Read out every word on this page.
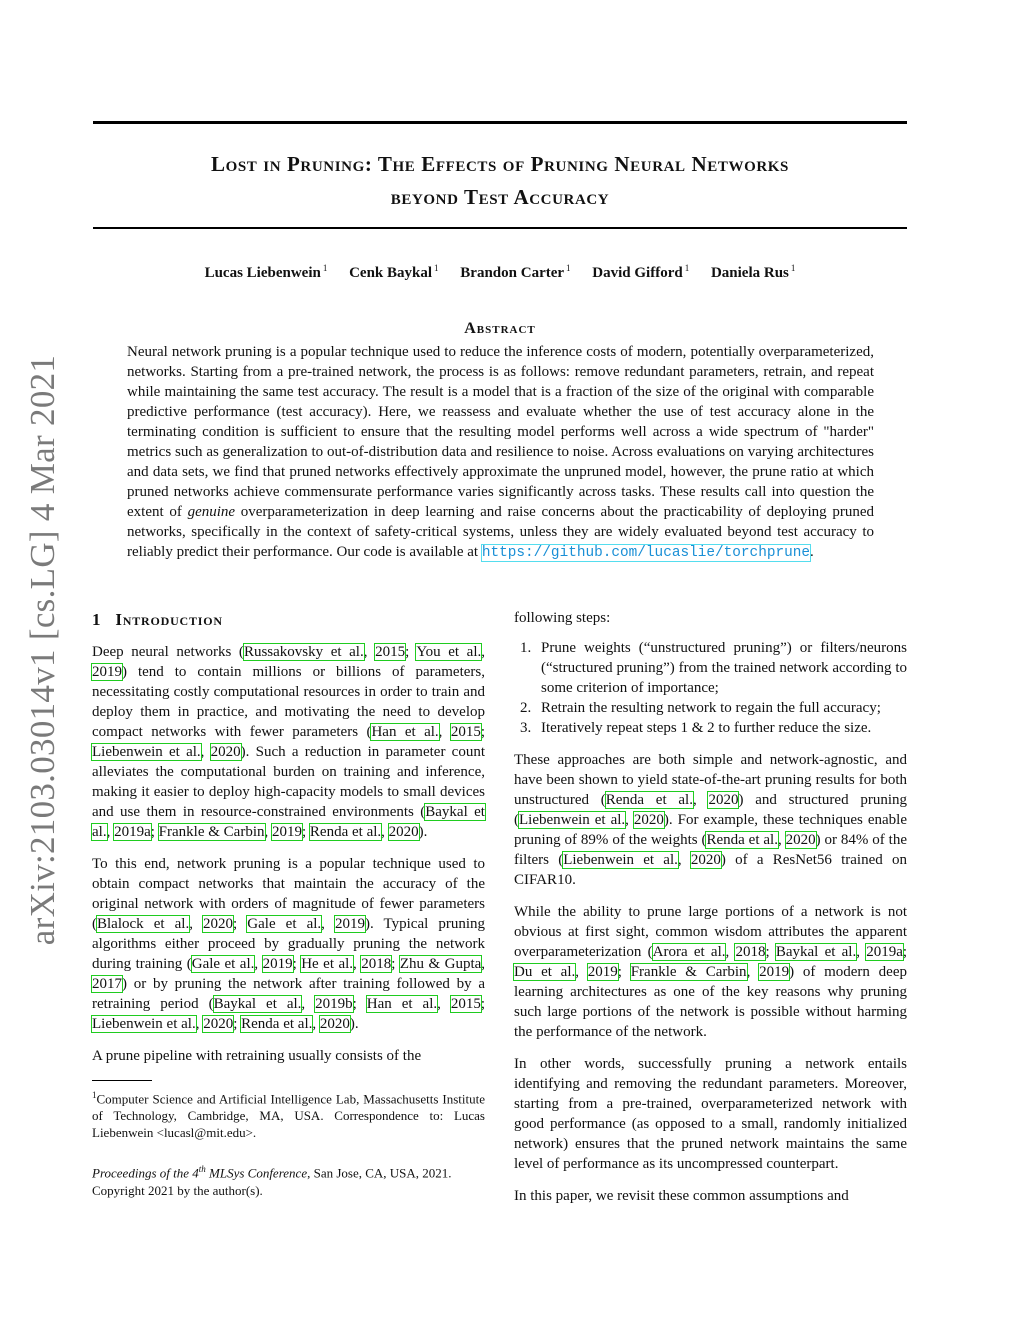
arXiv:2103.03014v1 [cs.LG] 4 Mar 2021
Lost in Pruning: The Effects of Pruning Neural Networks
beyond Test Accuracy
Lucas Liebenwein $^1$ Cenk Baykal $^1$ Brandon Carter $^1$ David Gifford $^1$ Daniela Rus $^1$
Abstract
Neural network pruning is a popular technique used to reduce the inference costs of modern, potentially overparameterized, networks. Starting from a pre-trained network, the process is as follows: remove redundant parameters, retrain, and repeat while maintaining the same test accuracy. The result is a model that is a fraction of the size of the original with comparable predictive performance (test accuracy). Here, we reassess and evaluate whether the use of test accuracy alone in the terminating condition is sufficient to ensure that the resulting model performs well across a wide spectrum of "harder" metrics such as generalization to out-of-distribution data and resilience to noise. Across evaluations on varying architectures and data sets, we find that pruned networks effectively approximate the unpruned model, however, the prune ratio at which pruned networks achieve commensurate performance varies significantly across tasks. These results call into question the extent of genuine overparameterization in deep learning and raise concerns about the practicability of deploying pruned networks, specifically in the context of safety-critical systems, unless they are widely evaluated beyond test accuracy to reliably predict their performance. Our code is available at https://github.com/lucaslie/torchprune.
1 Introduction

Deep neural networks (Russakovsky et al., 2015; You et al., 2019) tend to contain millions or billions of parameters, necessitating costly computational resources in order to train and deploy them in practice, and motivating the need to develop compact networks with fewer parameters (Han et al., 2015; Liebenwein et al., 2020). Such a reduction in parameter count alleviates the computational burden on training and inference, making it easier to deploy high-capacity models to small devices and use them in resource-constrained environments (Baykal et al., 2019a; Frankle & Carbin, 2019; Renda et al., 2020).

To this end, network pruning is a popular technique used to obtain compact networks that maintain the accuracy of the original network with orders of magnitude of fewer parameters (Blalock et al., 2020; Gale et al., 2019). Typical pruning algorithms either proceed by gradually pruning the network during training (Gale et al., 2019; He et al., 2018; Zhu & Gupta, 2017) or by pruning the network after training followed by a retraining period (Baykal et al., 2019b; Han et al., 2015; Liebenwein et al., 2020; Renda et al., 2020).

A prune pipeline with retraining usually consists of the

$^1$Computer Science and Artificial Intelligence Lab, Massachusetts Institute of Technology, Cambridge, MA, USA. Correspondence to: Lucas Liebenwein <lucasl@mit.edu>.
Proceedings of the 4th MLSys Conference, San Jose, CA, USA, 2021. Copyright 2021 by the author(s).

following steps:

1. Prune weights (“unstructured pruning”) or filters/neurons (“structured pruning”) from the trained network according to some criterion of importance;
2. Retrain the resulting network to regain the full accuracy;
3. Iteratively repeat steps 1 & 2 to further reduce the size.

These approaches are both simple and network-agnostic, and have been shown to yield state-of-the-art pruning results for both unstructured (Renda et al., 2020) and structured pruning (Liebenwein et al., 2020). For example, these techniques enable pruning of 89% of the weights (Renda et al., 2020) or 84% of the filters (Liebenwein et al., 2020) of a ResNet56 trained on CIFAR10.

While the ability to prune large portions of a network is not obvious at first sight, common wisdom attributes the apparent overparameterization (Arora et al., 2018; Baykal et al., 2019a; Du et al., 2019; Frankle & Carbin, 2019) of modern deep learning architectures as one of the key reasons why pruning such large portions of the network is possible without harming the performance of the network.

In other words, successfully pruning a network entails identifying and removing the redundant parameters. Moreover, starting from a pre-trained, overparameterized network with good performance (as opposed to a small, randomly initialized network) ensures that the pruned network maintains the same level of performance as its uncompressed counterpart.

In this paper, we revisit these common assumptions and
